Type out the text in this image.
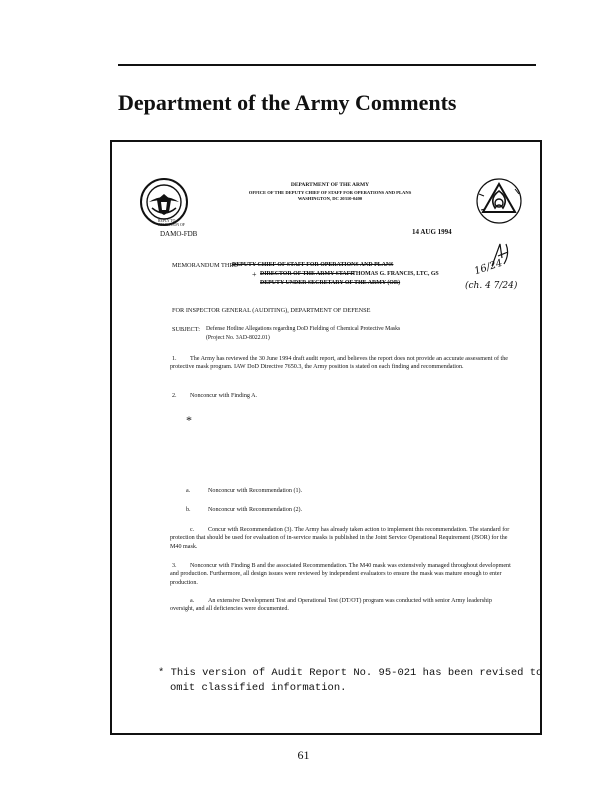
Department of the Army Comments
DEPARTMENT OF THE ARMY
OFFICE OF THE DEPUTY CHIEF OF STAFF FOR OPERATIONS AND PLANS
WASHINGTON, DC 20310-0400
REPLY TO
ATTENTION OF
DAMO-FDB	14 AUG 1994
MEMORANDUM THRU
DEPUTY CHIEF OF STAFF FOR OPERATIONS AND PLANS
+ DIRECTOR OF THE ARMY STAFF
THOMAS G. FRANCIS, LTC, GS
DEPUTY UNDER SECRETARY OF THE ARMY (OR)
16/24
(ch. 4 7/24)
FOR INSPECTOR GENERAL (AUDITING), DEPARTMENT OF DEFENSE
SUBJECT: Defense Hotline Allegations regarding DoD Fielding of Chemical Protective Masks
(Project No. 3AD-8022.01)
1.	The Army has reviewed the 30 June 1994 draft audit report, and believes the report does not provide an accurate assessment of the protective mask program. IAW DoD Directive 7650.3, the Army position is stated on each finding and recommendation.
2. Nonconcur with Finding A.
*
a.	Nonconcur with Recommendation (1).
b.	Nonconcur with Recommendation (2).
c.	Concur with Recommendation (3). The Army has already taken action to implement this recommendation. The standard for protection that should be used for evaluation of in-service masks is published in the Joint Service Operational Requirement (JSOR) for the M40 mask.
3.	Nonconcur with Finding B and the associated Recommendation. The M40 mask was extensively managed throughout development and production. Furthermore, all design issues were reviewed by independent evaluators to ensure the mask was mature enough to enter production.
a.	An extensive Development Test and Operational Test (DT/OT) program was conducted with senior Army leadership oversight, and all deficiencies were documented.
* This version of Audit Report No. 95-021 has been revised to
omit classified information.
61
